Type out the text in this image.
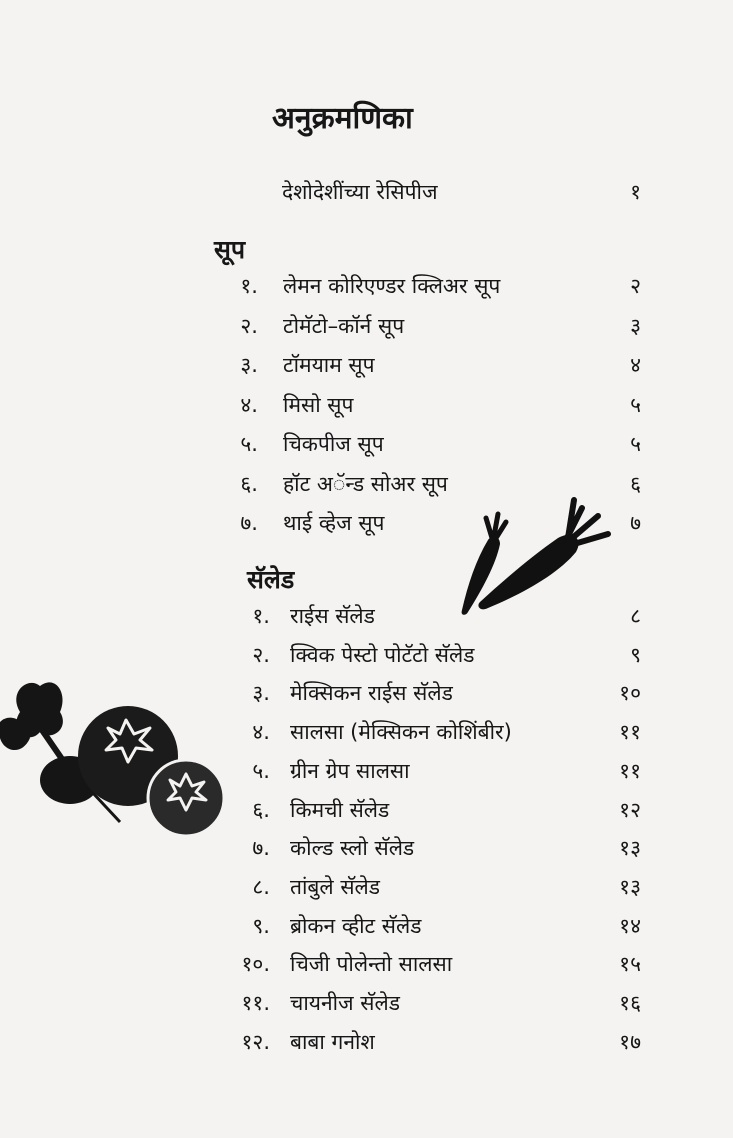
अनुक्रमणिका
देशोदेशींच्या रेसिपीज	१
सूप
१. लेमन कोरिएण्डर क्लिअर सूप	२
२. टोमॅटो–कॉर्न सूप	३
३. टॉमयाम सूप	४
४. मिसो सूप	५
५. चिकपीज सूप	५
६. हॉट अॅन्ड सोअर सूप	६
७. थाई व्हेज सूप	७
सॅलेड
१. राईस सॅलेड	८
२. क्विक पेस्टो पोटॅटो सॅलेड	९
३. मेक्सिकन राईस सॅलेड	१०
४. सालसा (मेक्सिकन कोशिंबीर)	११
५. ग्रीन ग्रेप सालसा	११
६. किमची सॅलेड	१२
७. कोल्ड स्लो सॅलेड	१३
८. तांबुले सॅलेड	१३
९. ब्रोकन व्हीट सॅलेड	१४
१०. चिजी पोलेन्तो सालसा	१५
११. चायनीज सॅलेड	१६
१२. बाबा गनोश	१७
